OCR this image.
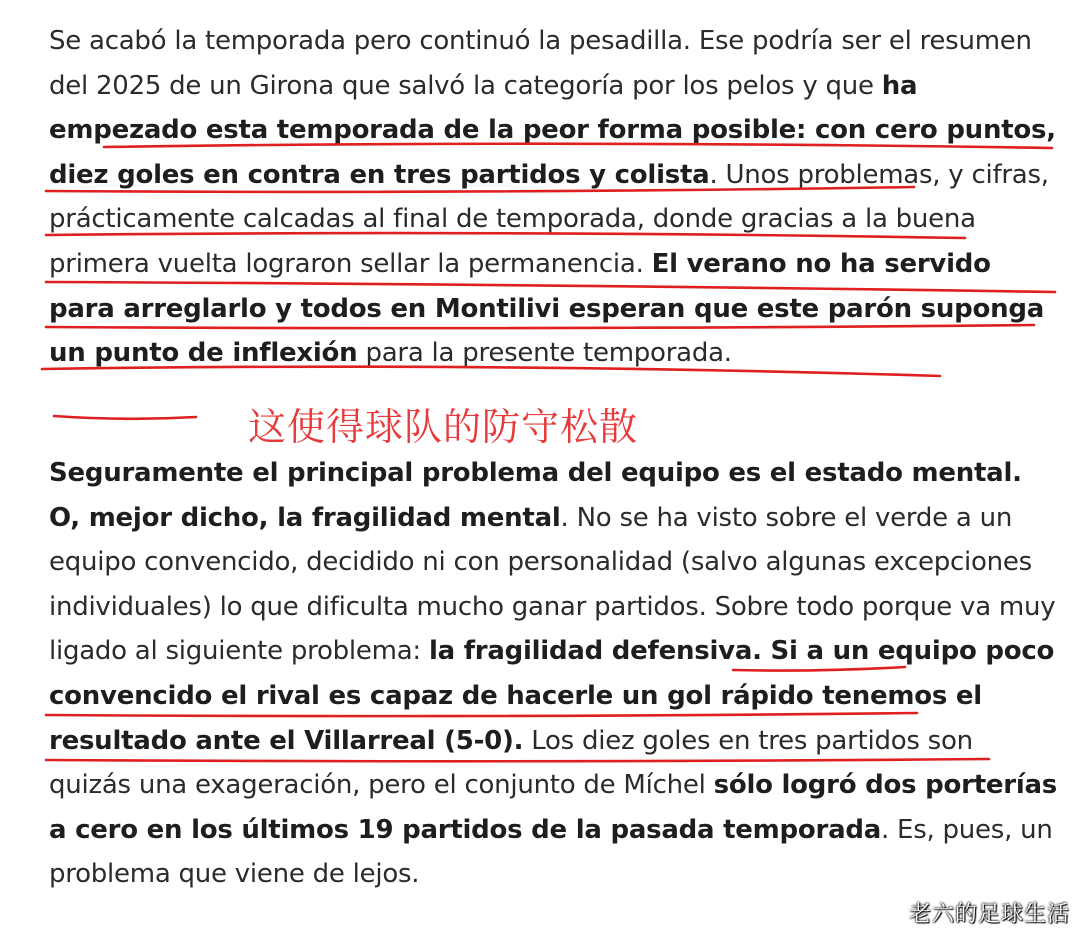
Se acabó la temporada pero continuó la pesadilla. Ese podría ser el resumen del 2025 de un Girona que salvó la categoría por los pelos y que ha empezado esta temporada de la peor forma posible: con cero puntos, diez goles en contra en tres partidos y colista. Unos problemas, y cifras, prácticamente calcadas al final de temporada, donde gracias a la buena primera vuelta lograron sellar la permanencia. El verano no ha servido para arreglarlo y todos en Montilivi esperan que este parón suponga un punto de inflexión para la presente temporada.

这使得球队的防守松散

Seguramente el principal problema del equipo es el estado mental. O, mejor dicho, la fragilidad mental. No se ha visto sobre el verde a un equipo convencido, decidido ni con personalidad (salvo algunas excepciones individuales) lo que dificulta mucho ganar partidos. Sobre todo porque va muy ligado al siguiente problema: la fragilidad defensiva. Si a un equipo poco convencido el rival es capaz de hacerle un gol rápido tenemos el resultado ante el Villarreal (5-0). Los diez goles en tres partidos son quizás una exageración, pero el conjunto de Míchel sólo logró dos porterías a cero en los últimos 19 partidos de la pasada temporada. Es, pues, un problema que viene de lejos.

老六的足球生活
